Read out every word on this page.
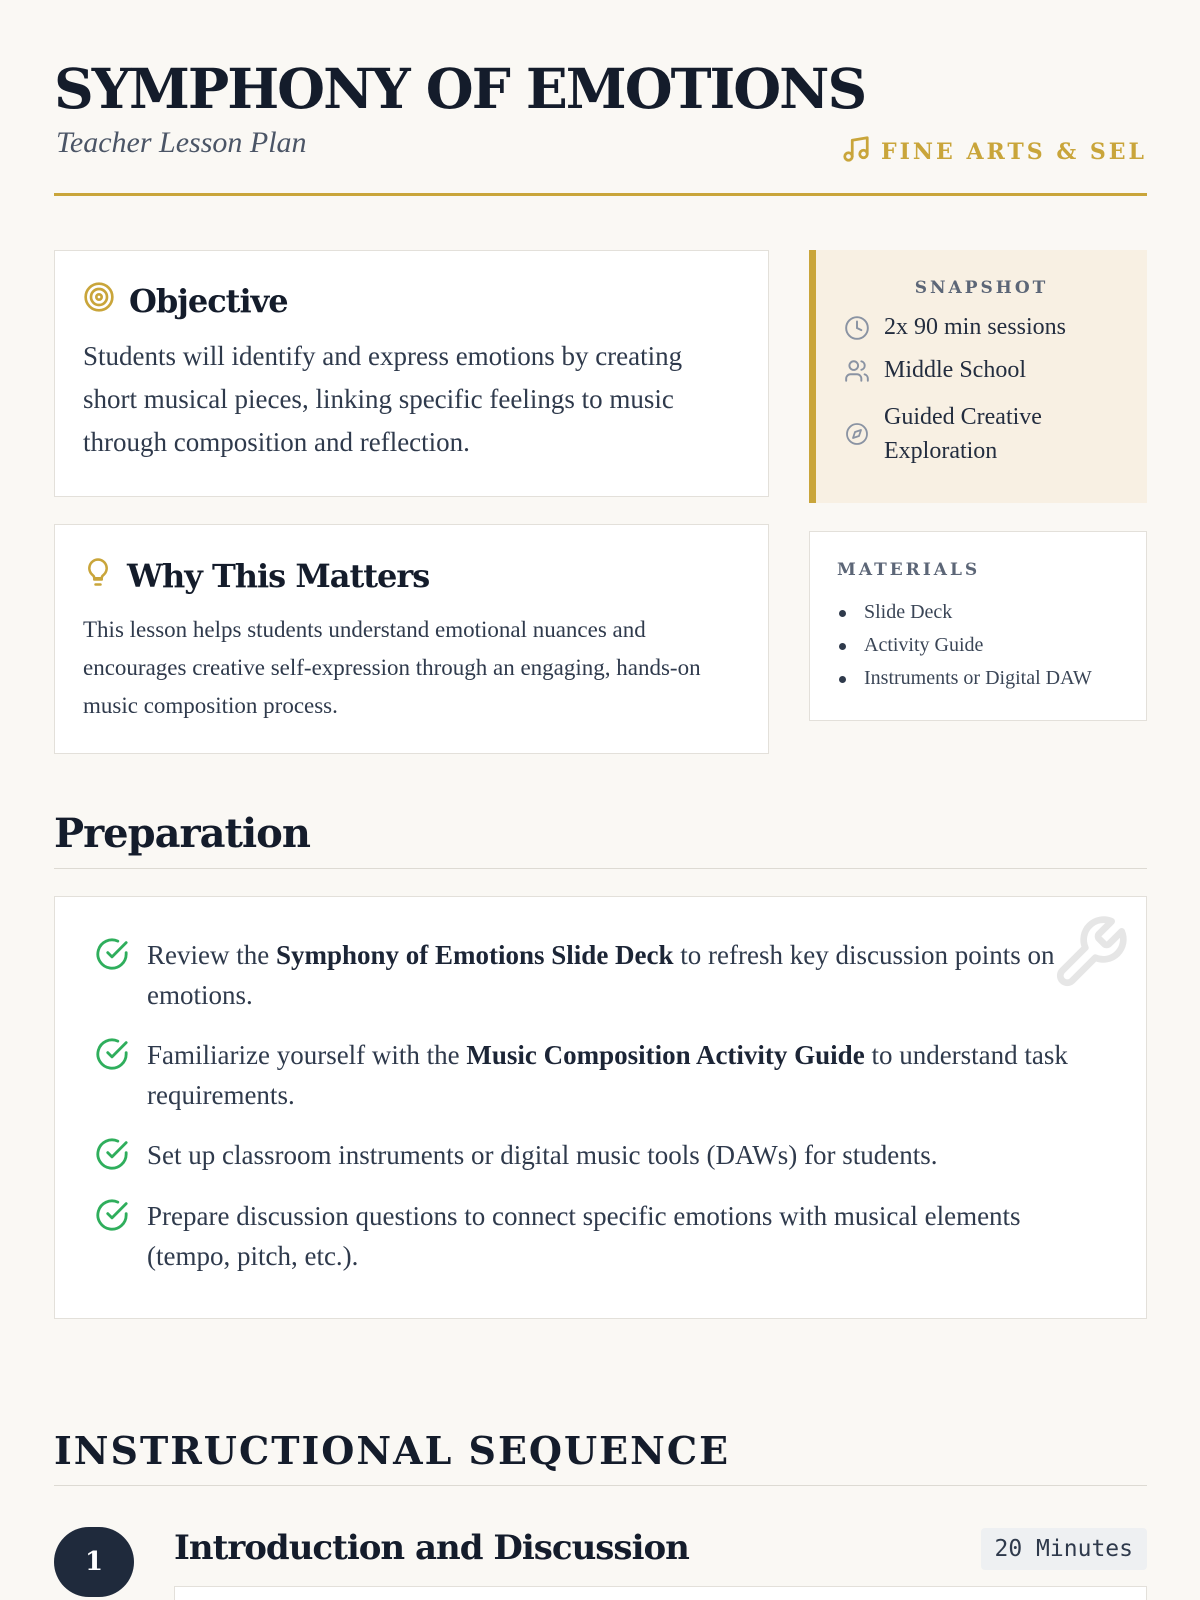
SYMPHONY OF EMOTIONS
Teacher Lesson Plan	FINE ARTS & SEL
Objective
Students will identify and express emotions by creating short musical pieces, linking specific feelings to music through composition and reflection.
Why This Matters
This lesson helps students understand emotional nuances and encourages creative self-expression through an engaging, hands-on music composition process.
SNAPSHOT
2x 90 min sessions
Middle School
Guided Creative Exploration
MATERIALS
Slide Deck
Activity Guide
Instruments or Digital DAW
Preparation
Review the Symphony of Emotions Slide Deck to refresh key discussion points on emotions.
Familiarize yourself with the Music Composition Activity Guide to understand task requirements.
Set up classroom instruments or digital music tools (DAWs) for students.
Prepare discussion questions to connect specific emotions with musical elements (tempo, pitch, etc.).
INSTRUCTIONAL SEQUENCE
1	Introduction and Discussion	20 Minutes
